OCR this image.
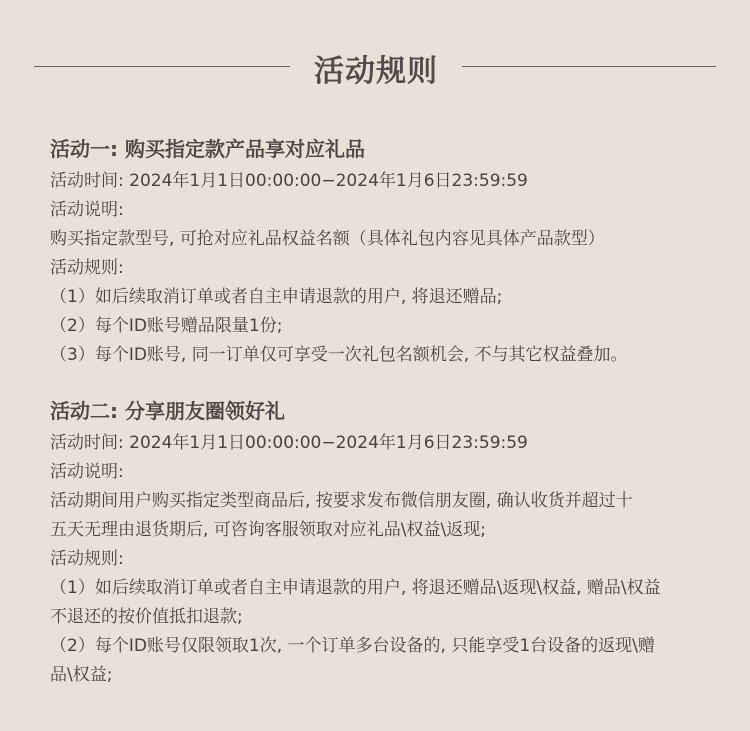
活动规则
活动一: 购买指定款产品享对应礼品
活动时间: 2024年1月1日00:00:00−2024年1月6日23:59:59
活动说明:
购买指定款型号, 可抢对应礼品权益名额（具体礼包内容见具体产品款型）
活动规则:
（1）如后续取消订单或者自主申请退款的用户, 将退还赠品;
（2）每个ID账号赠品限量1份;
（3）每个ID账号, 同一订单仅可享受一次礼包名额机会, 不与其它权益叠加。
活动二: 分享朋友圈领好礼
活动时间: 2024年1月1日00:00:00−2024年1月6日23:59:59
活动说明:
活动期间用户购买指定类型商品后, 按要求发布微信朋友圈, 确认收货并超过十
五天无理由退货期后, 可咨询客服领取对应礼品\权益\返现;
活动规则:
（1）如后续取消订单或者自主申请退款的用户, 将退还赠品\返现\权益, 赠品\权益
不退还的按价值抵扣退款;
（2）每个ID账号仅限领取1次, 一个订单多台设备的, 只能享受1台设备的返现\赠
品\权益;
